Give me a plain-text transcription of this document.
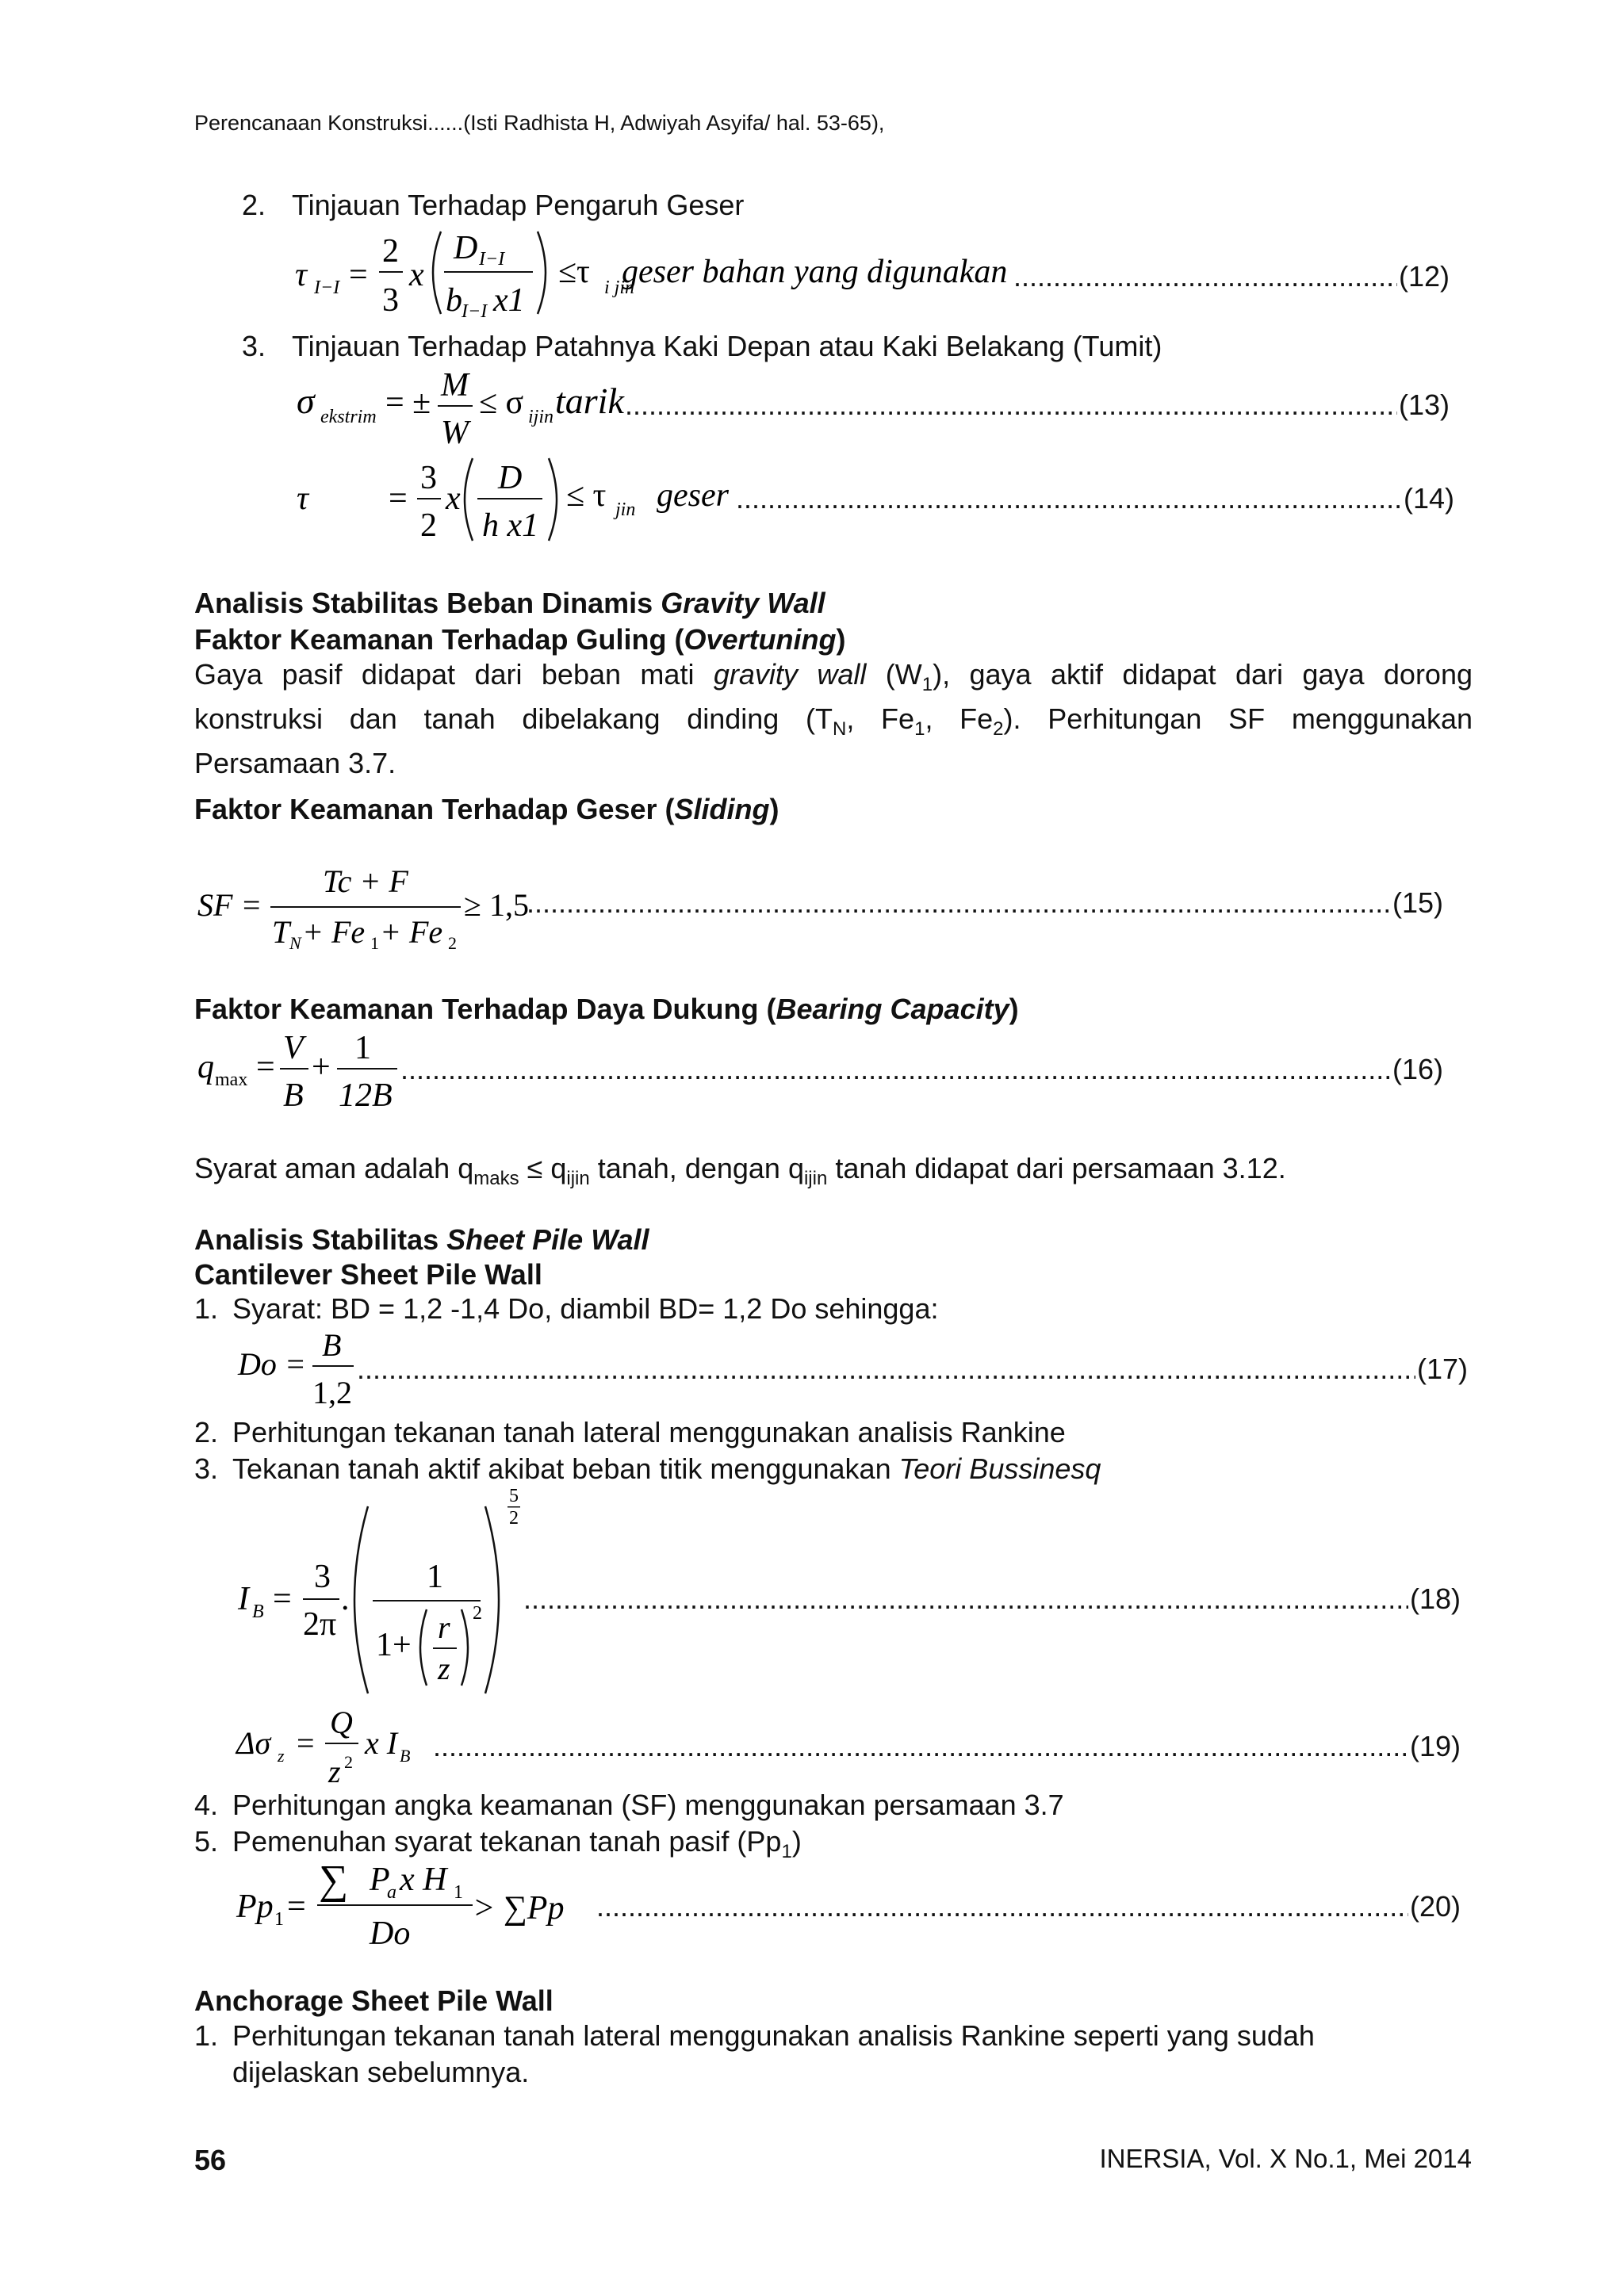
Perencanaan Konstruksi......(Isti Radhista H, Adwiyah Asyifa/ hal. 53-65),
2. Tinjauan Terhadap Pengaruh Geser
τ I−I =
2
3
x
D I−I
b I−I x1
≤τ i jin
geser bahan yang digunakan .....	(12)
3. Tinjauan Terhadap Patahnya Kaki Depan atau Kaki Belakang (Tumit)
σ ekstrim = ± M
W
≤ σ ijin tarik .....	(13)
τ =
3
2
x
D
h x1
≤ τ jin geser .....	(14)
Analisis Stabilitas Beban Dinamis Gravity Wall
Faktor Keamanan Terhadap Guling (Overtuning)
Gaya pasif didapat dari beban mati gravity wall $(W_1)$, gaya aktif didapat dari gaya dorong
konstruksi dan tanah dibelakang dinding ($T_N$, $Fe_1$, $Fe_2$). Perhitungan SF menggunakan
Persamaan 3.7.
Faktor Keamanan Terhadap Geser (Sliding)
SF =
Tc + F
T N + Fe 1 + Fe 2
≥ 1,5 .....	(15)
Faktor Keamanan Terhadap Daya Dukung (Bearing Capacity)
q max =
V
B
+
1
12B
.....
(16)
Syarat aman adalah $q_{maks} \le q_{ijin}$ tanah, dengan $q_{ijin}$ tanah didapat dari persamaan 3.12.
Analisis Stabilitas Sheet Pile Wall
Cantilever Sheet Pile Wall
1. Syarat: BD = 1,2 -1,4 Do, diambil BD= 1,2 Do sehingga:
Do =
B
1,2
.....
(17)
2. Perhitungan tekanan tanah lateral menggunakan analisis Rankine
3. Tekanan tanah aktif akibat beban titik menggunakan Teori Bussinesq
I B =
3
2π
.
1
1+ r
z
2
5
2
.....
(18)
Δσ z =
Q
z 2
x I B .....	(19)
4. Perhitungan angka keamanan (SF) menggunakan persamaan 3.7
5. Pemenuhan syarat tekanan tanah pasif $(Pp_1)$
Pp 1 =
∑ P
a x H 1
Do
> ∑Pp .....	(20)
Anchorage Sheet Pile Wall
1. Perhitungan tekanan tanah lateral menggunakan analisis Rankine seperti yang sudah
dijelaskan sebelumnya.
56	INERSIA, Vol. X No.1, Mei 2014
